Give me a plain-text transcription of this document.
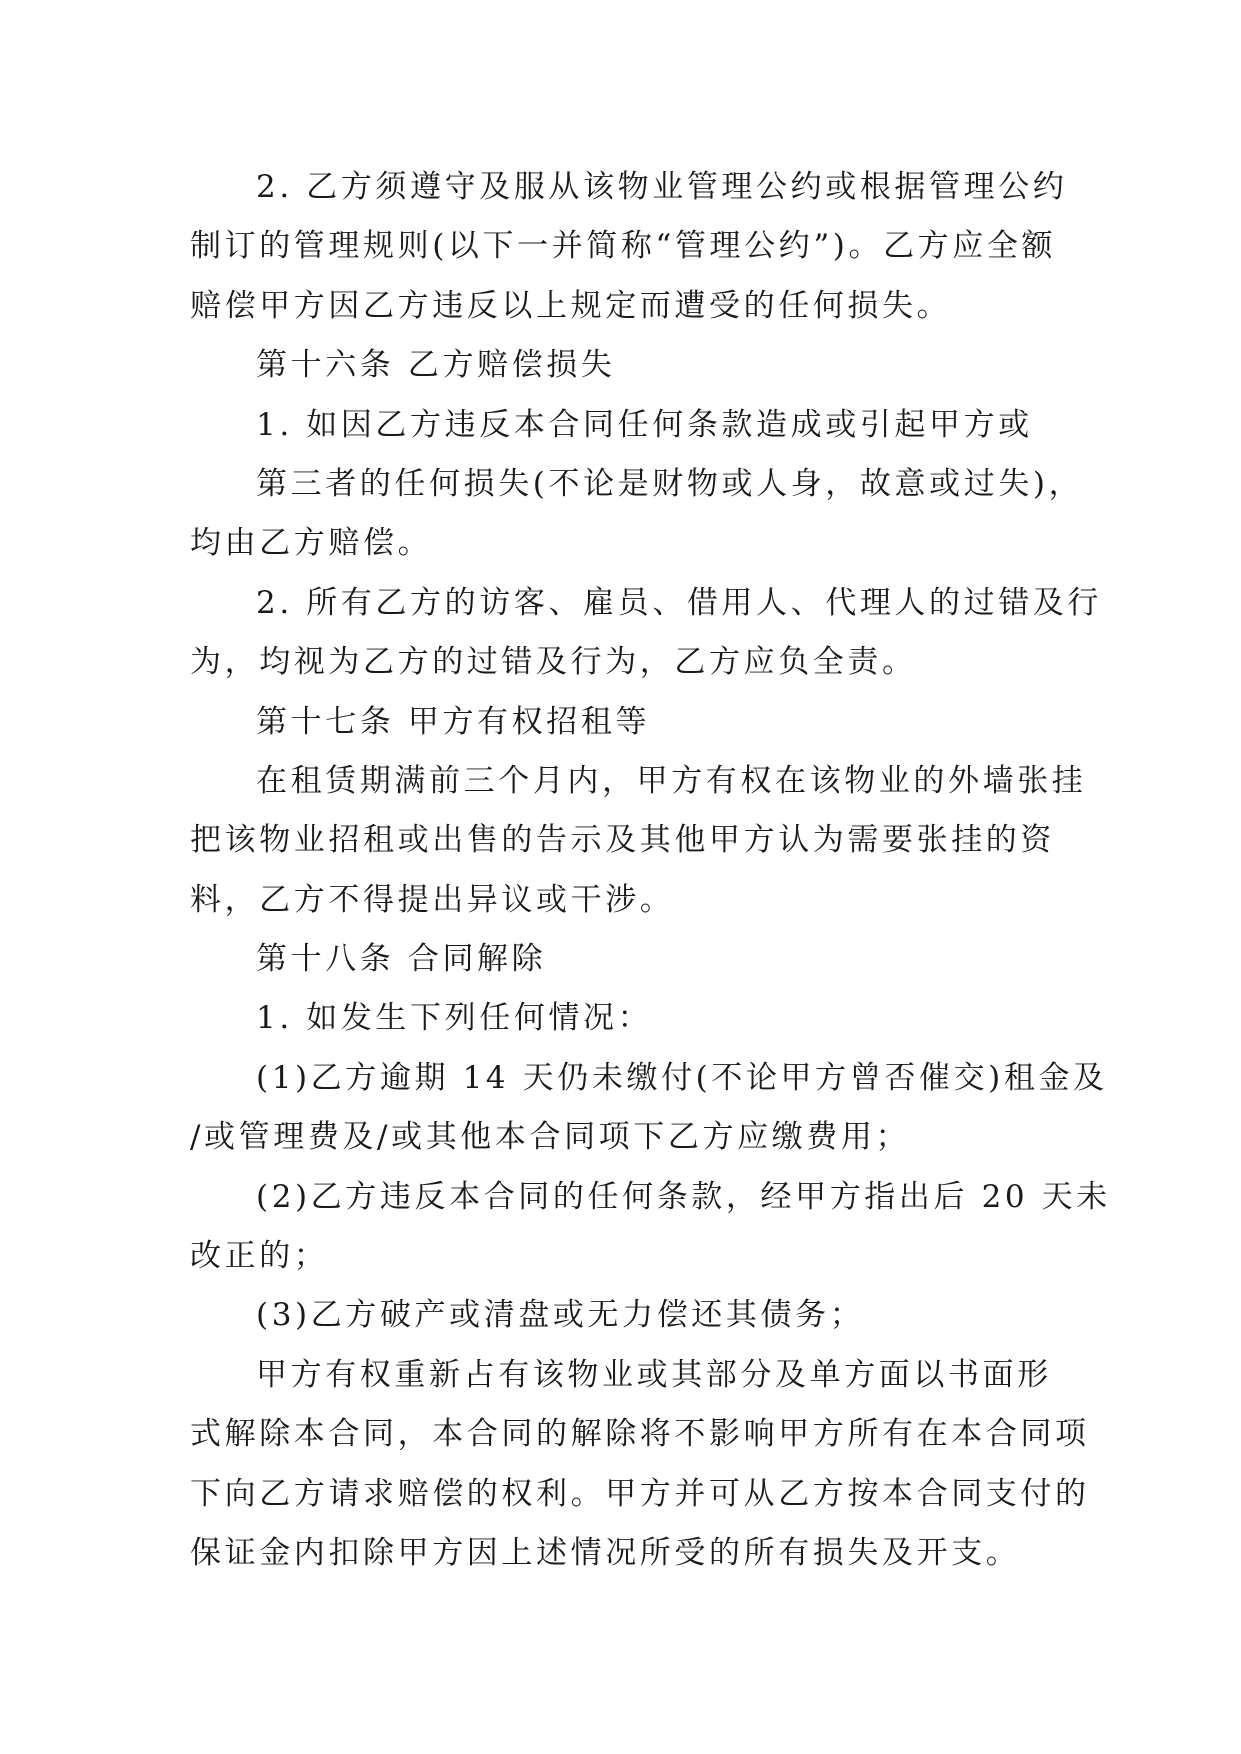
2. 乙方须遵守及服从该物业管理公约或根据管理公约
制订的管理规则(以下一并简称“管理公约”)。乙方应全额
赔偿甲方因乙方违反以上规定而遭受的任何损失。
第十六条 乙方赔偿损失
1. 如因乙方违反本合同任何条款造成或引起甲方或
第三者的任何损失(不论是财物或人身，故意或过失)，
均由乙方赔偿。
2. 所有乙方的访客、雇员、借用人、代理人的过错及行
为，均视为乙方的过错及行为，乙方应负全责。
第十七条 甲方有权招租等
在租赁期满前三个月内，甲方有权在该物业的外墙张挂
把该物业招租或出售的告示及其他甲方认为需要张挂的资
料，乙方不得提出异议或干涉。
第十八条 合同解除
1. 如发生下列任何情况：
(1)乙方逾期 14 天仍未缴付(不论甲方曾否催交)租金及
/或管理费及/或其他本合同项下乙方应缴费用；
(2)乙方违反本合同的任何条款，经甲方指出后 20 天未
改正的；
(3)乙方破产或清盘或无力偿还其债务；
甲方有权重新占有该物业或其部分及单方面以书面形
式解除本合同，本合同的解除将不影响甲方所有在本合同项
下向乙方请求赔偿的权利。甲方并可从乙方按本合同支付的
保证金内扣除甲方因上述情况所受的所有损失及开支。
